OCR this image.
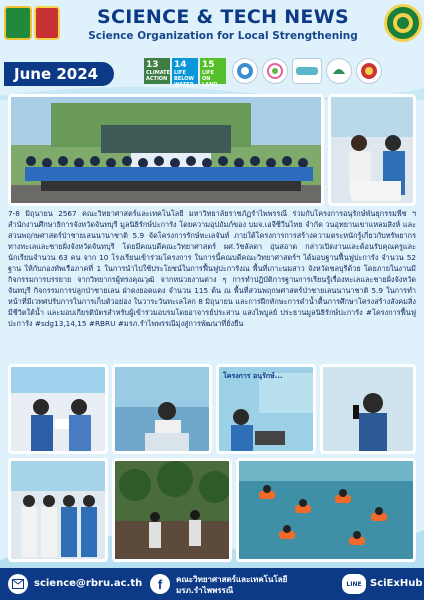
SCIENCE & TECH NEWS
Science Organization for Local Strengthening
June 2024	13
CLIMATE ACTION
14
LIFE BELOW WATER
15
LIFE ON LAND
7-8 มิถุนายน 2567 คณะวิทยาศาสตร์และเทคโนโลยี มหาวิทยาลัยราชภัฏรำไพพรรณี ร่วมกับโครงการอนุรักษ์พันธุกรรมพืช ฯ สำนักงานศึกษาธิการจังหวัดจันทบุรี มูลนิธิรักษ์ปะการัง โดยความอุปถัมภ์ของ บมจ.เอจีซีวีนไทย จำกัด วนอุทยานเขาแหลมสิงห์ และสวนพฤกษศาสตร์ป่าชายเลนนานาชาติ 5.9 จัดโครงการรักษ์ทะเลจันท์ ภายใต้โครงการการสร้างความตระหนักรู้เกี่ยวกับทรัพยากรทางทะเลและชายฝั่งจังหวัดจันทบุรี โดยมีคณบดีคณะวิทยาศาสตร์ ผศ.วัชลัลดา อุ่นสอาด กล่าวเปิดงานและต้อนรับคุณครูและนักเรียนจำนวน 63 คน จาก 10 โรงเรียนเข้าร่วมโครงการ ในการนี้คณบดีคณะวิทยาศาสตร์ฯ ได้มอบฐานฟื้นฟูปะการัง จำนวน 52 ฐาน ให้กับกองทัพเรือภาคที่ 1 ในการนำไปใช้ประโยชน์ในการฟื้นฟูปะการังณ พื้นที่เกาะนมสาว จังหวัดชลบุรีด้วย โดยภายในงานมีกิจกรรมการบรรยาย จากวิทยากรผู้ทรงคุณวุฒิ จากหน่วยงานต่าง ๆ การทำปฏิบัติการฐานการเรียนรู้เรื่องทะเลและชายฝั่งจังหวัดจันทบุรี กิจกรรมการปลูกป่าชายเลน ฝ่าดงยอดแดง จำนวน 115 ต้น ณ พื้นที่สวนพฤกษศาสตร์ป่าชายเลนนานาชาติ 5.9 ในการทำหน้าที่มีเวทศปรับการในการเก็บตัวอย่อง ในวาระวันทะเลโลก 8 มิถุนายน และการฝึกทักษะการดำน้ำตื้นการศึกษาโครงสร้างสังคมสิ่งมีชีวิตใต้น้ำ และมอบเกียรติบัตรสำหรับผู้เข้าร่วมอบรมโดยอาจารย์ประสาน แสงไพบูลย์ ประธานมูลนิธิรักษ์ปะการัง #โครงการฟื้นฟูปะการัง #sdg13,14,15 #RBRU #มรภ.รำไพพรรณีมุ่งสู่การพัฒนาที่ยั่งยืน
โครงการ อนุรักษ์...
science@rbru.ac.th f คณะวิทยาศาสตร์และเทคโนโลยี
มรภ.รำไพพรรณี
LINE SciExHub
